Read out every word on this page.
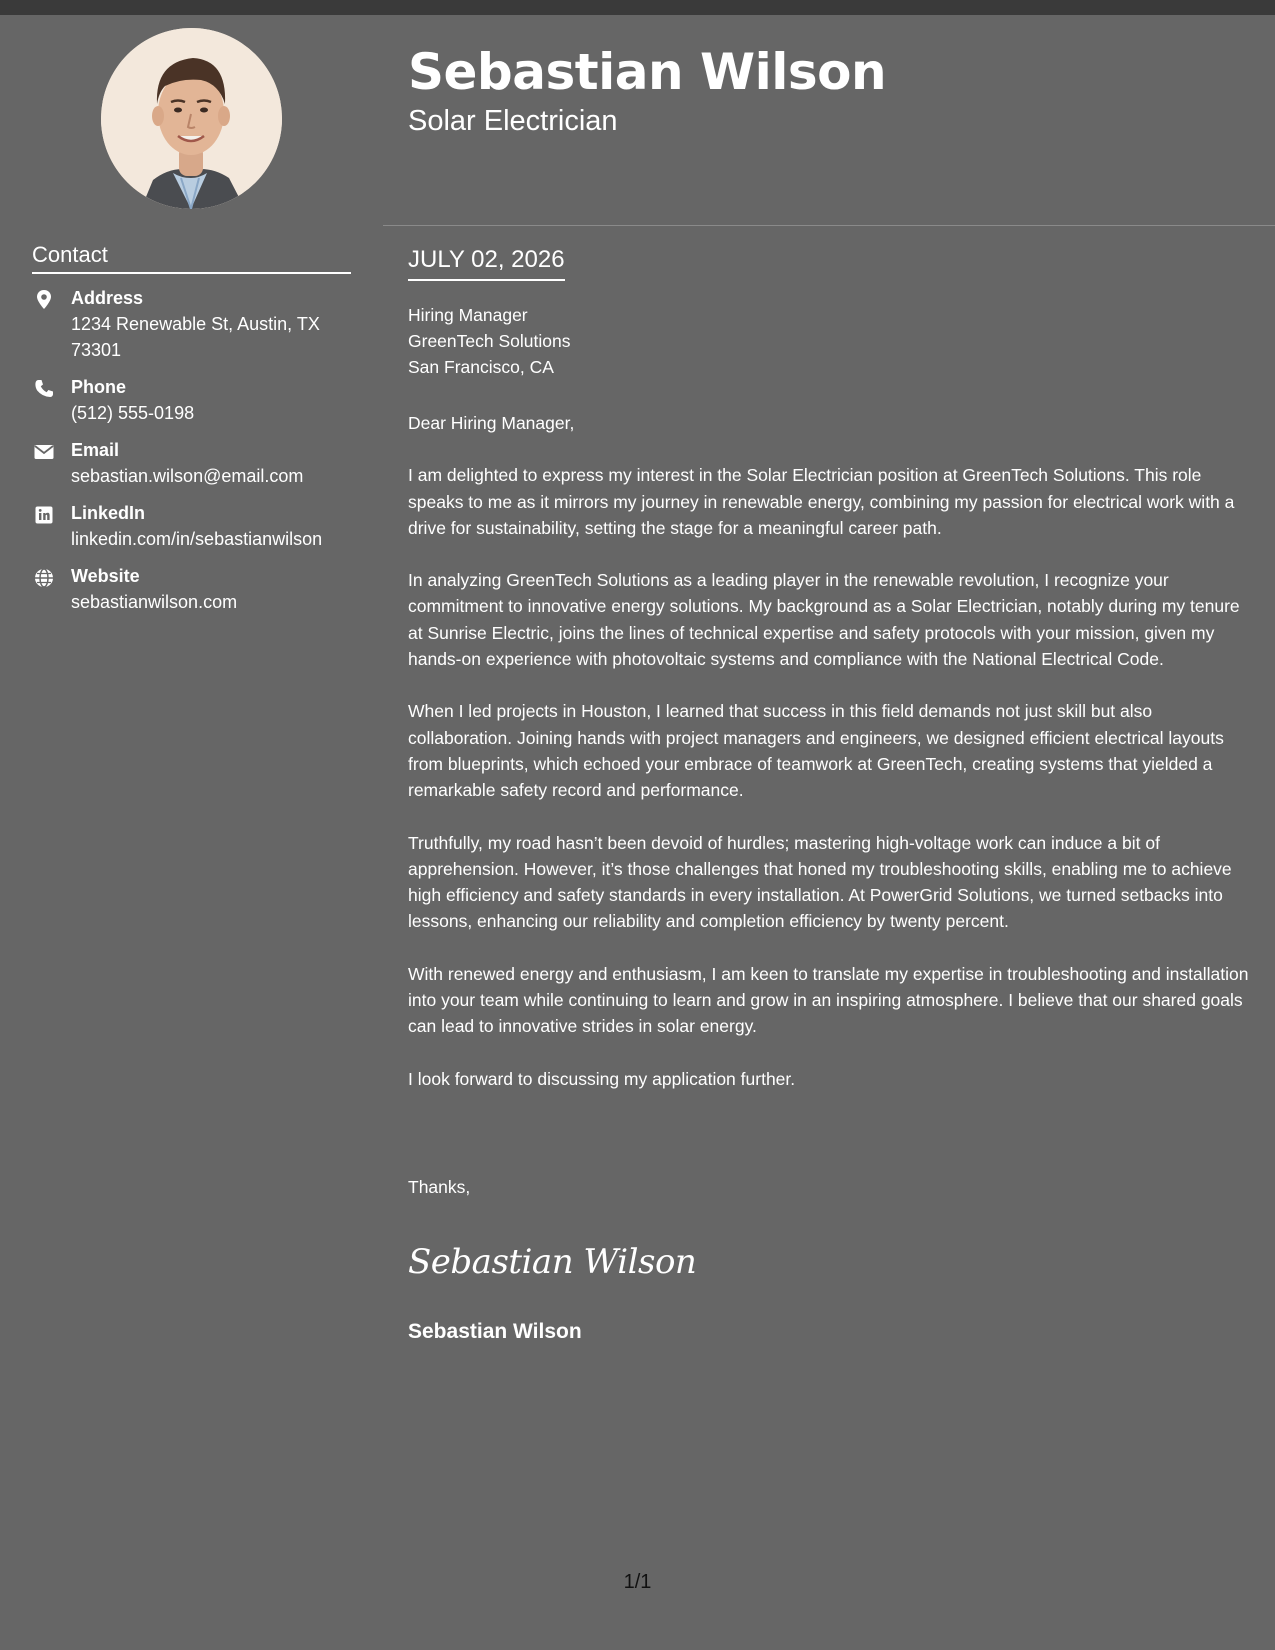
Sebastian Wilson
Solar Electrician
Contact
Address
1234 Renewable St, Austin, TX 73301
Phone
(512) 555-0198
Email
sebastian.wilson@email.com
LinkedIn
linkedin.com/in/sebastianwilson
Website
sebastianwilson.com
JULY 02, 2026
Hiring Manager
GreenTech Solutions
San Francisco, CA

Dear Hiring Manager,

I am delighted to express my interest in the Solar Electrician position at GreenTech Solutions. This role speaks to me as it mirrors my journey in renewable energy, combining my passion for electrical work with a drive for sustainability, setting the stage for a meaningful career path.

In analyzing GreenTech Solutions as a leading player in the renewable revolution, I recognize your commitment to innovative energy solutions. My background as a Solar Electrician, notably during my tenure at Sunrise Electric, joins the lines of technical expertise and safety protocols with your mission, given my hands-on experience with photovoltaic systems and compliance with the National Electrical Code.

When I led projects in Houston, I learned that success in this field demands not just skill but also collaboration. Joining hands with project managers and engineers, we designed efficient electrical layouts from blueprints, which echoed your embrace of teamwork at GreenTech, creating systems that yielded a remarkable safety record and performance.

Truthfully, my road hasn’t been devoid of hurdles; mastering high-voltage work can induce a bit of apprehension. However, it’s those challenges that honed my troubleshooting skills, enabling me to achieve high efficiency and safety standards in every installation. At PowerGrid Solutions, we turned setbacks into lessons, enhancing our reliability and completion efficiency by twenty percent.

With renewed energy and enthusiasm, I am keen to translate my expertise in troubleshooting and installation into your team while continuing to learn and grow in an inspiring atmosphere. I believe that our shared goals can lead to innovative strides in solar energy.

I look forward to discussing my application further.

Thanks,
Sebastian Wilson
Sebastian Wilson
1/1
